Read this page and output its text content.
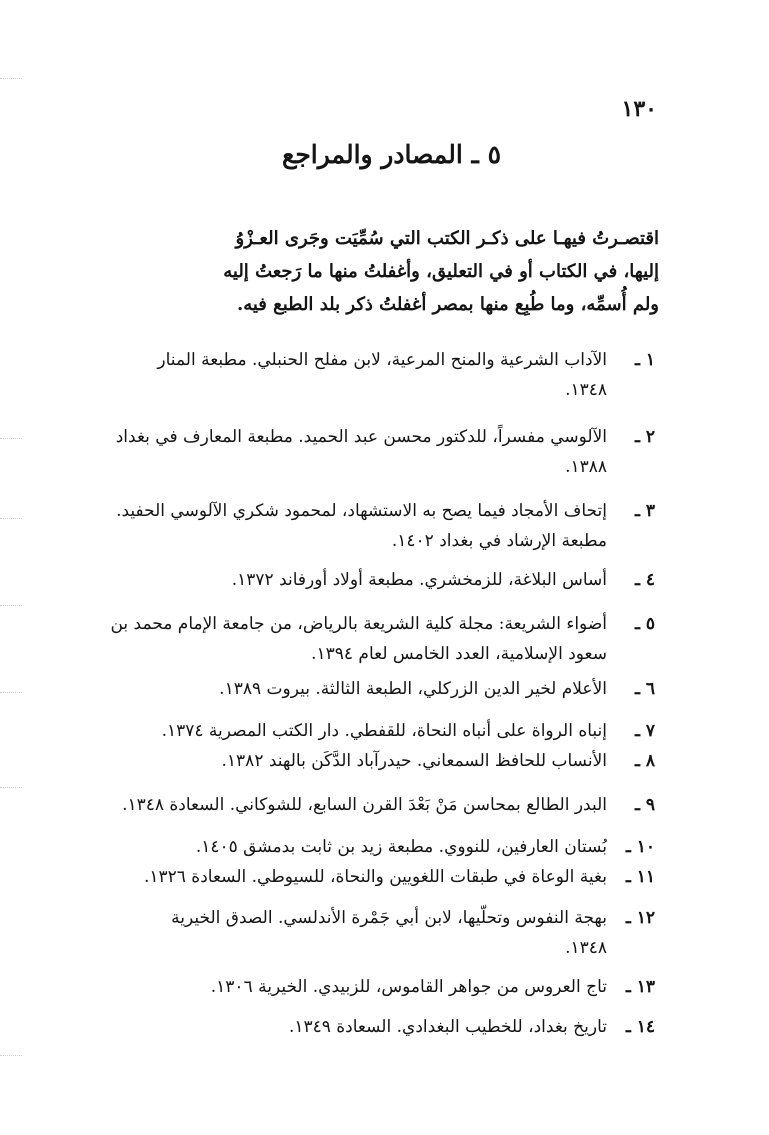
١٣٠
٥ ـ المصادر والمراجع

اقتصـرتُ فيهـا على ذكـر الكتب التي سُمِّيَت وجَرى العـزْوُ

إليها، في الكتاب أو في التعليق، وأغفلتُ منها ما رَجعتُ إليه

ولم أُسمِّه، وما طُبِع منها بمصر أغفلتُ ذكر بلد الطبع فيه.

١ ـالآداب الشرعية والمنح المرعية، لابن مفلح الحنبلي. مطبعة المنار
١٣٤٨.
٢ ـالآلوسي مفسراً، للدكتور محسن عبد الحميد. مطبعة المعارف في بغداد
١٣٨٨.
٣ ـإتحاف الأمجاد فيما يصح به الاستشهاد، لمحمود شكري الآلوسي الحفيد.
مطبعة الإرشاد في بغداد ١٤٠٢.
٤ ـأساس البلاغة، للزمخشري. مطبعة أولاد أورفاند ١٣٧٢.
٥ ـأضواء الشريعة: مجلة كلية الشريعة بالرياض، من جامعة الإمام محمد بن
سعود الإسلامية، العدد الخامس لعام ١٣٩٤.
٦ ـالأعلام لخير الدين الزركلي، الطبعة الثالثة. بيروت ١٣٨٩.
٧ ـإنباه الرواة على أنباه النحاة، للقفطي. دار الكتب المصرية ١٣٧٤.
٨ ـالأنساب للحافظ السمعاني. حيدرآباد الدَّكَن بالهند ١٣٨٢.
٩ ـالبدر الطالع بمحاسن مَنْ بَعْدَ القرن السابع، للشوكاني. السعادة ١٣٤٨.
١٠ ـبُستان العارفين، للنووي. مطبعة زيد بن ثابت بدمشق ١٤٠٥.
١١ ـبغية الوعاة في طبقات اللغويين والنحاة، للسيوطي. السعادة ١٣٢٦.
١٢ ـبهجة النفوس وتحلّيها، لابن أبي جَمْرة الأندلسي. الصدق الخيرية
١٣٤٨.
١٣ ـتاج العروس من جواهر القاموس، للزبيدي. الخيرية ١٣٠٦.
١٤ ـتاريخ بغداد، للخطيب البغدادي. السعادة ١٣٤٩.
